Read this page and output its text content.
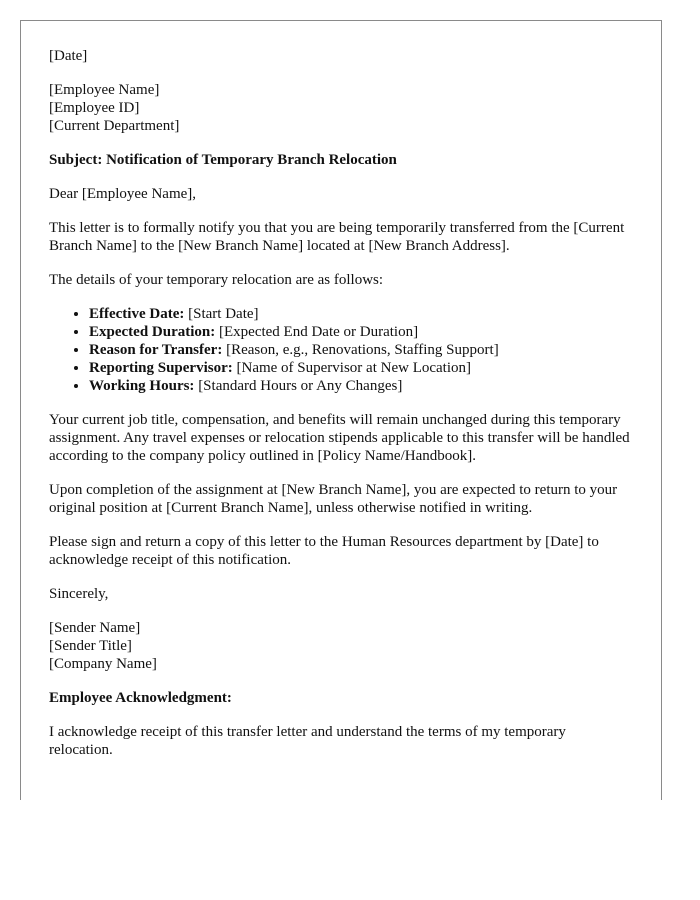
[Date]

[Employee Name]
[Employee ID]
[Current Department]

Subject: Notification of Temporary Branch Relocation

Dear [Employee Name],

This letter is to formally notify you that you are being temporarily transferred from the [Current Branch Name] to the [New Branch Name] located at [New Branch Address].

The details of your temporary relocation are as follows:

• Effective Date: [Start Date]
• Expected Duration: [Expected End Date or Duration]
• Reason for Transfer: [Reason, e.g., Renovations, Staffing Support]
• Reporting Supervisor: [Name of Supervisor at New Location]
• Working Hours: [Standard Hours or Any Changes]

Your current job title, compensation, and benefits will remain unchanged during this temporary assignment. Any travel expenses or relocation stipends applicable to this transfer will be handled according to the company policy outlined in [Policy Name/Handbook].

Upon completion of the assignment at [New Branch Name], you are expected to return to your original position at [Current Branch Name], unless otherwise notified in writing.

Please sign and return a copy of this letter to the Human Resources department by [Date] to acknowledge receipt of this notification.

Sincerely,

[Sender Name]
[Sender Title]
[Company Name]

Employee Acknowledgment:

I acknowledge receipt of this transfer letter and understand the terms of my temporary relocation.
